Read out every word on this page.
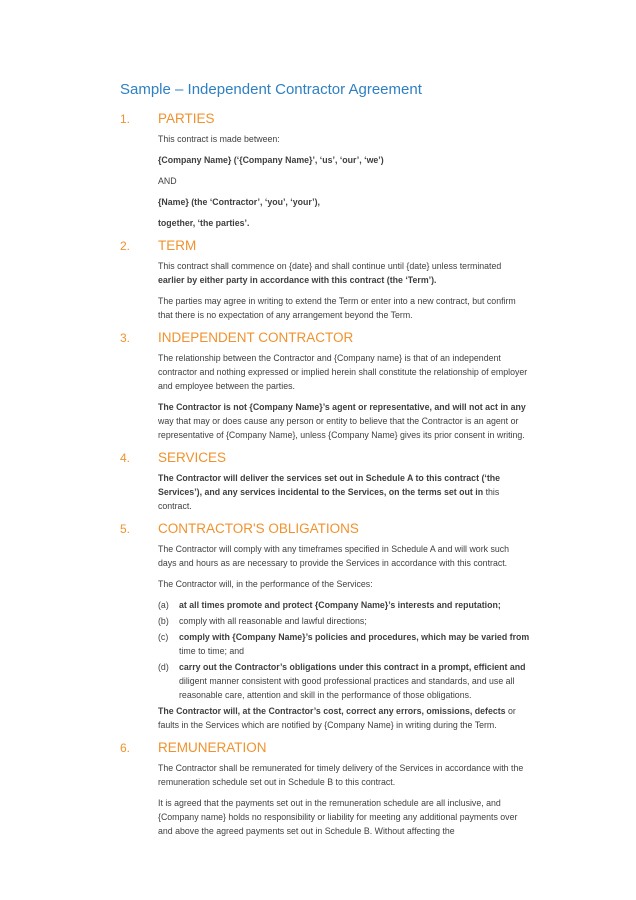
Sample – Independent Contractor Agreement
1.	PARTIES

This contract is made between:

{Company Name} (‘{Company Name}’, ‘us’, ‘our’, ‘we’)

AND

{Name} (the ‘Contractor’, ‘you’, ‘your’),

together, ‘the parties’.

2.	TERM

This contract shall commence on {date} and shall continue until {date} unless terminated earlier by either party in accordance with this contract (the ‘Term’).

The parties may agree in writing to extend the Term or enter into a new contract, but confirm that there is no expectation of any arrangement beyond the Term.

3.	INDEPENDENT CONTRACTOR

The relationship between the Contractor and {Company name} is that of an independent contractor and nothing expressed or implied herein shall constitute the relationship of employer and employee between the parties.

The Contractor is not {Company Name}’s agent or representative, and will not act in any way that may or does cause any person or entity to believe that the Contractor is an agent or representative of {Company Name}, unless {Company Name} gives its prior consent in writing.

4.	SERVICES

The Contractor will deliver the services set out in Schedule A to this contract (‘the Services’), and any services incidental to the Services, on the terms set out in this contract.

5.	CONTRACTOR'S OBLIGATIONS

The Contractor will comply with any timeframes specified in Schedule A and will work such days and hours as are necessary to provide the Services in accordance with this contract.

The Contractor will, in the performance of the Services:

(a)	at all times promote and protect {Company Name}’s interests and reputation;

(b)	comply with all reasonable and lawful directions;

(c)	comply with {Company Name}’s policies and procedures, which may be varied from time to time; and

(d)	carry out the Contractor’s obligations under this contract in a prompt, efficient and diligent manner consistent with good professional practices and standards, and use all reasonable care, attention and skill in the performance of those obligations.

The Contractor will, at the Contractor’s cost, correct any errors, omissions, defects or faults in the Services which are notified by {Company Name} in writing during the Term.

6.	REMUNERATION

The Contractor shall be remunerated for timely delivery of the Services in accordance with the remuneration schedule set out in Schedule B to this contract.

It is agreed that the payments set out in the remuneration schedule are all inclusive, and {Company name} holds no responsibility or liability for meeting any additional payments over and above the agreed payments set out in Schedule B. Without affecting the
